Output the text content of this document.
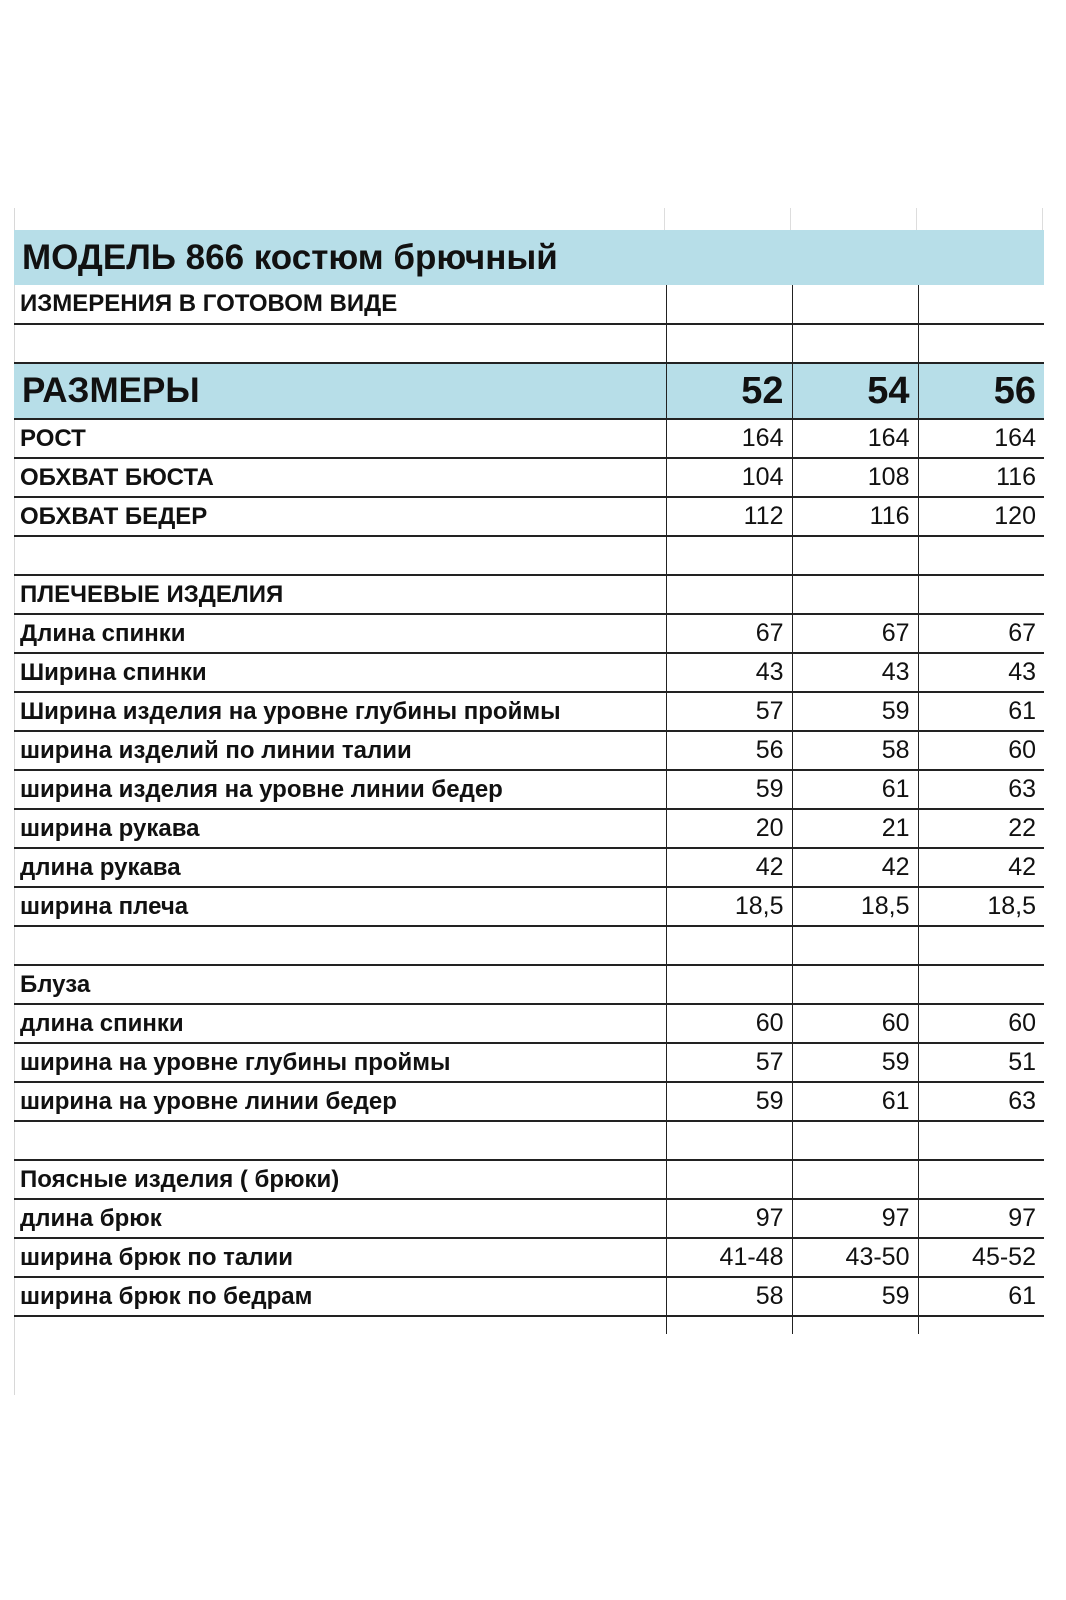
МОДЕЛЬ 866 костюм брючный			
ИЗМЕРЕНИЯ В ГОТОВОМ ВИДЕ			

РАЗМЕРЫ	52	54	56
РОСТ	164	164	164
ОБХВАТ БЮСТА	104	108	116
ОБХВАТ БЕДЕР	112	116	120

ПЛЕЧЕВЫЕ ИЗДЕЛИЯ			
Длина спинки	67	67	67
Ширина спинки	43	43	43
Ширина изделия на уровне глубины проймы	57	59	61
ширина изделий по линии талии	56	58	60
ширина изделия на уровне линии бедер	59	61	63
ширина рукава	20	21	22
длина рукава	42	42	42
ширина плеча	18,5	18,5	18,5

Блуза			
длина спинки	60	60	60
ширина на уровне глубины проймы	57	59	51
ширина на уровне линии бедер	59	61	63

Поясные изделия ( брюки)			
длина брюк	97	97	97
ширина брюк по талии	41-48	43-50	45-52
ширина брюк по бедрам	58	59	61
